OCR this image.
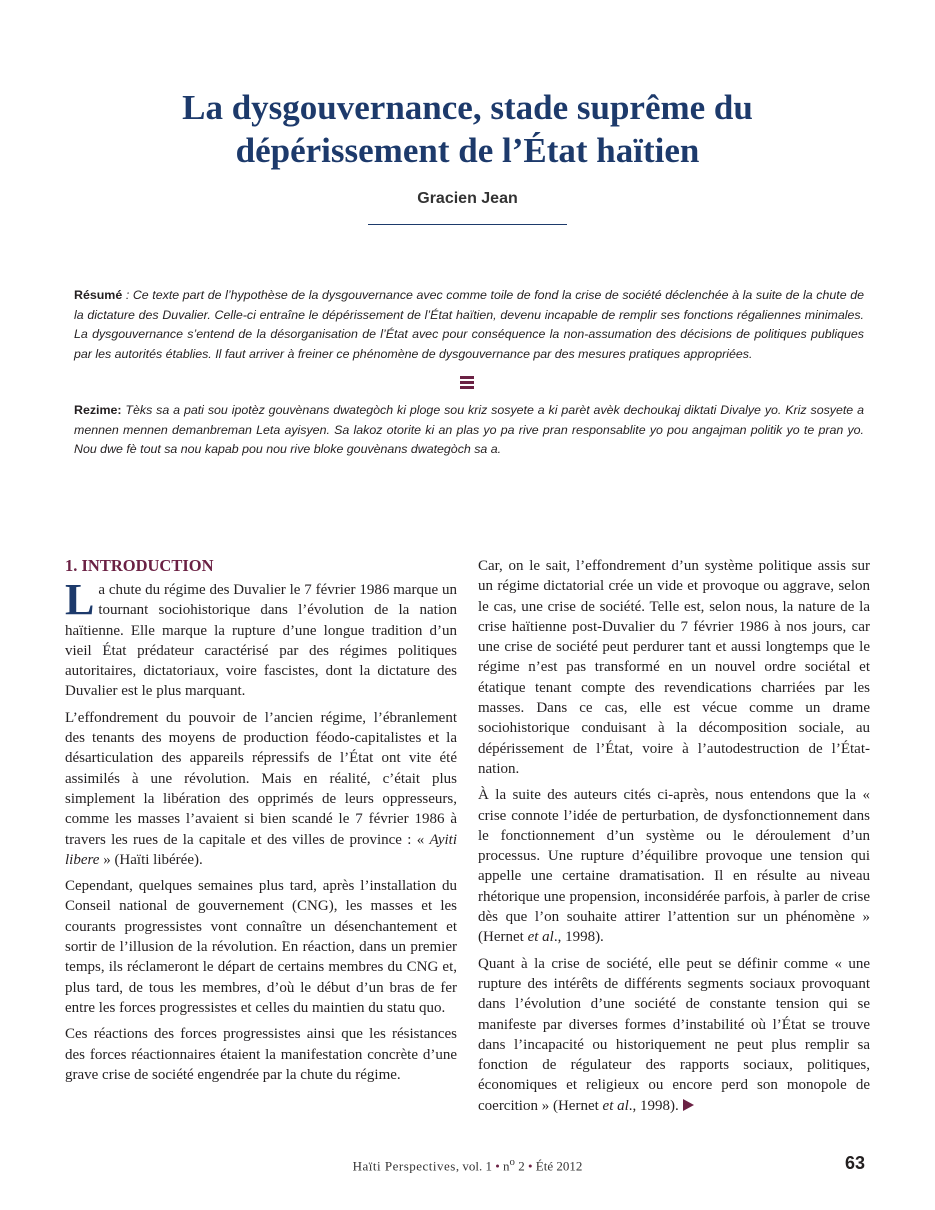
La dysgouvernance, stade suprême du
dépérissement de l’État haïtien
Gracien Jean

Résumé : Ce texte part de l’hypothèse de la dysgouvernance avec comme toile de fond la crise de société déclenchée à la suite de la chute de la dictature des Duvalier. Celle-ci entraîne le dépérissement de l’État haïtien, devenu incapable de remplir ses fonctions régaliennes minimales. La dysgouvernance s’entend de la désorganisation de l’État avec pour conséquence la non-assumation des décisions de politiques publiques par les autorités établies. Il faut arriver à freiner ce phénomène de dysgouvernance par des mesures pratiques appropriées.

Rezime: Tèks sa a pati sou ipotèz gouvènans dwategòch ki ploge sou kriz sosyete a ki parèt avèk dechoukaj diktati Divalye yo. Kriz sosyete a mennen mennen demanbreman Leta ayisyen. Sa lakoz otorite ki an plas yo pa rive pran responsablite yo pou angajman politik yo te pran yo. Nou dwe fè tout sa nou kapab pou nou rive bloke gouvènans dwategòch sa a.

1. INTRODUCTION

La chute du régime des Duvalier le 7 février 1986 marque un tournant sociohistorique dans l’évolution de la nation haïtienne. Elle marque la rupture d’une longue tradition d’un vieil État prédateur caractérisé par des régimes politiques autoritaires, dictatoriaux, voire fascistes, dont la dictature des Duvalier est le plus marquant.

L’effondrement du pouvoir de l’ancien régime, l’ébranlement des tenants des moyens de production féodo-capitalistes et la désarticulation des appareils répressifs de l’État ont vite été assimilés à une révolution. Mais en réalité, c’était plus simplement la libération des opprimés de leurs oppresseurs, comme les masses l’avaient si bien scandé le 7 février 1986 à travers les rues de la capitale et des villes de province : « Ayiti libere » (Haïti libérée).

Cependant, quelques semaines plus tard, après l’installation du Conseil national de gouvernement (CNG), les masses et les courants progressistes vont connaître un désenchantement et sortir de l’illusion de la révolution. En réaction, dans un premier temps, ils réclameront le départ de certains membres du CNG et, plus tard, de tous les membres, d’où le début d’un bras de fer entre les forces progressistes et celles du maintien du statu quo.

Ces réactions des forces progressistes ainsi que les résistances des forces réactionnaires étaient la manifestation concrète d’une grave crise de société engendrée par la chute du régime.

Car, on le sait, l’effondrement d’un système politique assis sur un régime dictatorial crée un vide et provoque ou aggrave, selon le cas, une crise de société. Telle est, selon nous, la nature de la crise haïtienne post-Duvalier du 7 février 1986 à nos jours, car une crise de société peut perdurer tant et aussi longtemps que le régime n’est pas transformé en un nouvel ordre sociétal et étatique tenant compte des revendications charriées par les masses. Dans ce cas, elle est vécue comme un drame sociohistorique conduisant à la décomposition sociale, au dépérissement de l’État, voire à l’autodestruction de l’État-nation.

À la suite des auteurs cités ci-après, nous entendons que la « crise connote l’idée de perturbation, de dysfonctionnement dans le fonctionnement d’un système ou le déroulement d’un processus. Une rupture d’équilibre provoque une tension qui appelle une certaine dramatisation. Il en résulte au niveau rhétorique une propension, inconsidérée parfois, à parler de crise dès que l’on souhaite attirer l’attention sur un phénomène » (Hernet et al., 1998).

Quant à la crise de société, elle peut se définir comme « une rupture des intérêts de différents segments sociaux provoquant dans l’évolution d’une société de constante tension qui se manifeste par diverses formes d’instabilité où l’État se trouve dans l’incapacité ou historiquement ne peut plus remplir sa fonction de régulateur des rapports sociaux, politiques, économiques et religieux ou encore perd son monopole de coercition » (Hernet et al., 1998).

Haïti Perspectives, vol. 1 • $n^o$ 2 • Été 2012	63
